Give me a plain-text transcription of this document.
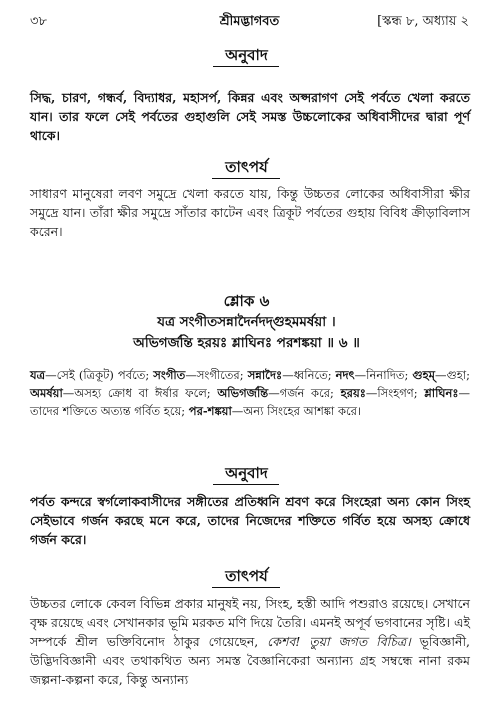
৩৮	শ্রীমদ্ভাগবত	[স্কন্ধ ৮, অধ্যায় ২
অনুবাদ

সিদ্ধ, চারণ, গন্ধর্ব, বিদ্যাধর, মহাসর্প, কিন্নর এবং অপ্সরাগণ সেই পর্বতে খেলা করতে যান। তার ফলে সেই পর্বতের গুহাগুলি সেই সমস্ত উচ্চলোকের অধিবাসীদের দ্বারা পূর্ণ থাকে।

তাৎপর্য

সাধারণ মানুষেরা লবণ সমুদ্রে খেলা করতে যায়, কিন্তু উচ্চতর লোকের অধিবাসীরা ক্ষীর সমুদ্রে যান। তাঁরা ক্ষীর সমুদ্রে সাঁতার কাটেন এবং ত্রিকূট পর্বতের গুহায় বিবিধ ক্রীড়াবিলাস করেন।

শ্লোক ৬
যত্র সংগীতসন্নাদৈর্নদদ্‌গুহমমর্ষয়া ।
অভিগর্জন্তি হরয়ঃ শ্লাঘিনঃ পরশঙ্কয়া ॥ ৬ ॥

যত্র—সেই (ত্রিকূট) পর্বতে; সংগীত—সংগীতের; সন্নাদৈঃ—ধ্বনিতে; নদৎ—নিনাদিত; গুহম্—গুহা; অমর্ষয়া—অসহ্য ক্রোধ বা ঈর্ষার ফলে; অভিগর্জন্তি—গর্জন করে; হরয়ঃ—সিংহগণ; শ্লাঘিনঃ—তাদের শক্তিতে অত্যন্ত গর্বিত হয়ে; পর-শঙ্কয়া—অন্য সিংহের আশঙ্কা করে।

অনুবাদ

পর্বত কন্দরে স্বর্গলোকবাসীদের সঙ্গীতের প্রতিধ্বনি শ্রবণ করে সিংহেরা অন্য কোন সিংহ সেইভাবে গর্জন করছে মনে করে, তাদের নিজেদের শক্তিতে গর্বিত হয়ে অসহ্য ক্রোধে গর্জন করে।

তাৎপর্য

উচ্চতর লোকে কেবল বিভিন্ন প্রকার মানুষই নয়, সিংহ, হস্তী আদি পশুরাও রয়েছে। সেখানে বৃক্ষ রয়েছে এবং সেখানকার ভূমি মরকত মণি দিয়ে তৈরি। এমনই অপূর্ব ভগবানের সৃষ্টি। এই সম্পর্কে শ্রীল ভক্তিবিনোদ ঠাকুর গেয়েছেন, কেশব! তুয়া জগত বিচিত্র। ভূবিজ্ঞানী, উদ্ভিদবিজ্ঞানী এবং তথাকথিত অন্য সমস্ত বৈজ্ঞানিকেরা অন্যান্য গ্রহ সম্বন্ধে নানা রকম জল্পনা-কল্পনা করে, কিন্তু অন্যান্য
